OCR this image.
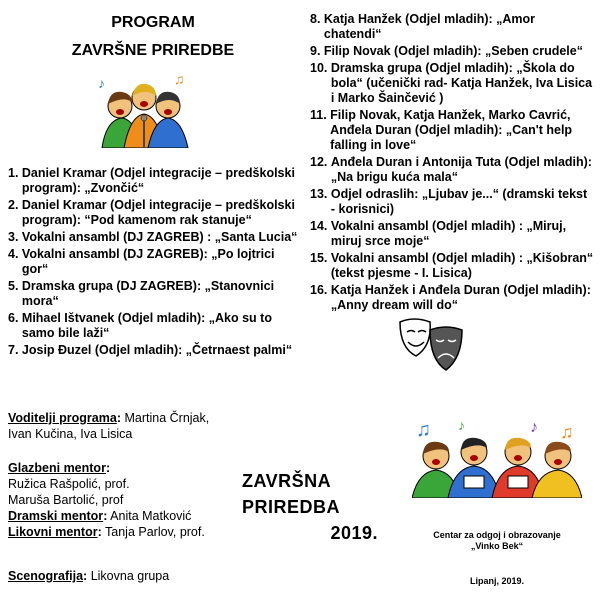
PROGRAM
ZAVRŠNE PRIREDBE
♪	♫
1. Daniel Kramar (Odjel integracije – predškolski program): „Zvončić“
2. Daniel Kramar (Odjel integracije – predškolski program): “Pod kamenom rak stanuje“
3. Vokalni ansambl (DJ ZAGREB) : „Santa Lucia“
4. Vokalni ansambl (DJ ZAGREB): „Po lojtrici gor“
5. Dramska grupa (DJ ZAGREB): „Stanovnici mora“
6. Mihael Ištvanek (Odjel mladih): „Ako su to samo bile laži“
7. Josip Đuzel (Odjel mladih): „Četrnaest palmi“
8. Katja Hanžek (Odjel mladih): „Amor chatendi“
9. Filip Novak (Odjel mladih): „Seben crudele“
10. Dramska grupa (Odjel mladih): „Škola do bola“ (učenički rad- Katja Hanžek, Iva Lisica i Marko Šainčević )
11. Filip Novak, Katja Hanžek, Marko Cavrić, Anđela Duran (Odjel mladih): „Can't help falling in love“
12. Anđela Duran i Antonija Tuta (Odjel mladih): „Na brigu kuća mala“
13. Odjel odraslih: „Ljubav je...“ (dramski tekst - korisnici)
14. Vokalni ansambl (Odjel mladih) : „Miruj, miruj srce moje“
15. Vokalni ansambl (Odjel mladih) : „Kišobran“ (tekst pjesme - I. Lisica)
16. Katja Hanžek i Anđela Duran (Odjel mladih): „Anny dream will do“
Voditelji programa: Martina Črnjak,
Ivan Kučina, Iva Lisica
Glazbeni mentor:
Ružica Rašpolić, prof.
Maruša Bartolić, prof
Dramski mentor: Anita Matković
Likovni mentor: Tanja Parlov, prof.
Scenografija: Likovna grupa
ZAVRŠNA
PRIREDBA
2019.
♫ ♪	♪ ♫
Centar za odgoj i obrazovanje
„Vinko Bek“
Lipanj, 2019.
